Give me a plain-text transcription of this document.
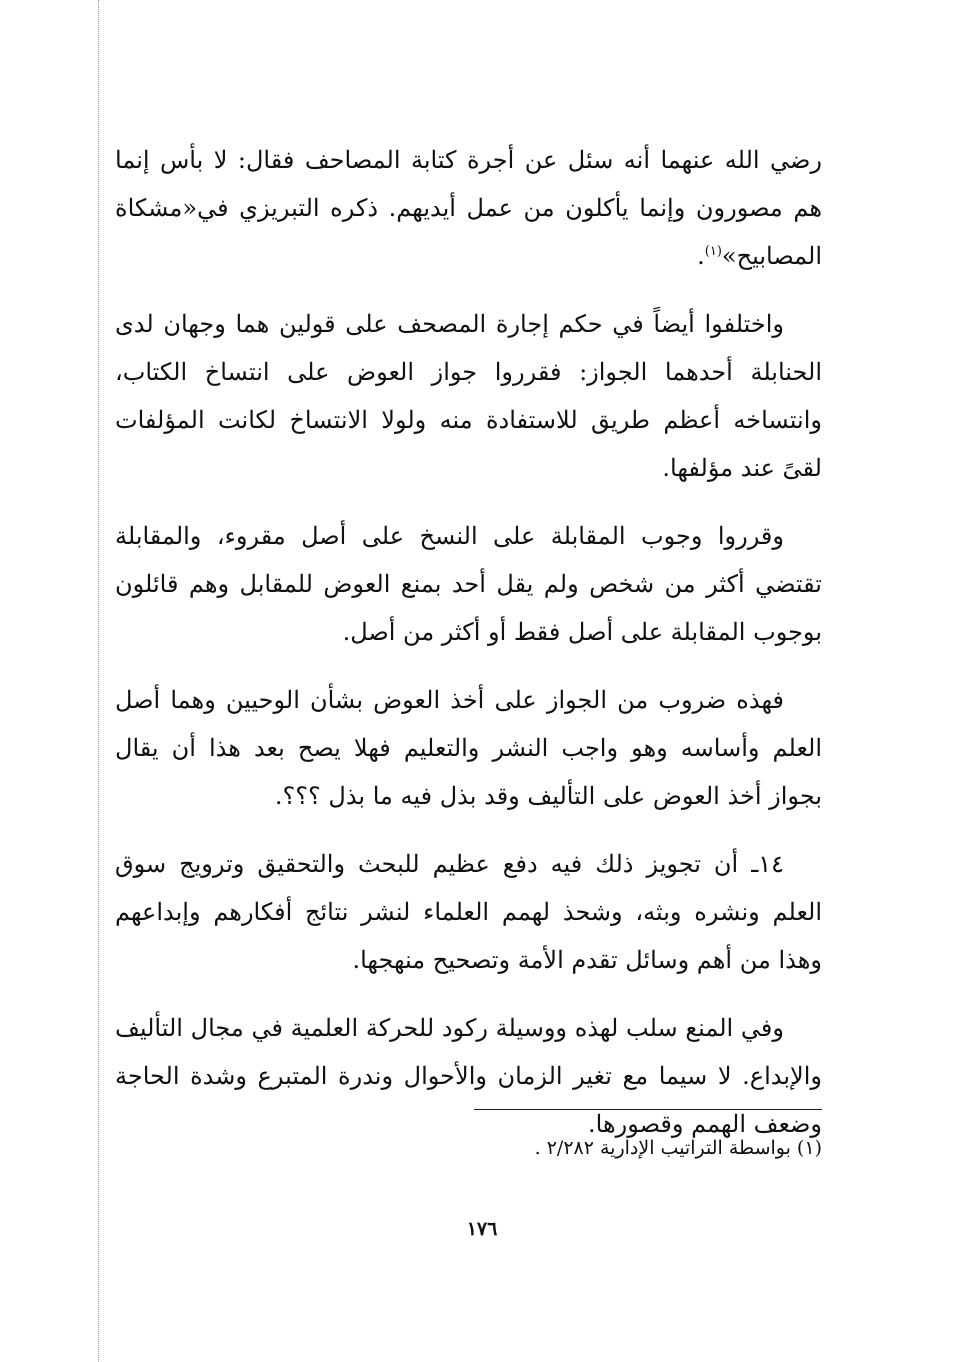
رضي الله عنهما أنه سئل عن أجرة كتابة المصاحف فقال: لا بأس إنما هم مصورون وإنما يأكلون من عمل أيديهم. ذكره التبريزي في«مشكاة المصابيح»$^{(١)}$.

واختلفوا أيضاً في حكم إجارة المصحف على قولين هما وجهان لدى الحنابلة أحدهما الجواز: فقرروا جواز العوض على انتساخ الكتاب، وانتساخه أعظم طريق للاستفادة منه ولولا الانتساخ لكانت المؤلفات لقىً عند مؤلفها.

وقرروا وجوب المقابلة على النسخ على أصل مقروء، والمقابلة تقتضي أكثر من شخص ولم يقل أحد بمنع العوض للمقابل وهم قائلون بوجوب المقابلة على أصل فقط أو أكثر من أصل.

فهذه ضروب من الجواز على أخذ العوض بشأن الوحيين وهما أصل العلم وأساسه وهو واجب النشر والتعليم فهلا يصح بعد هذا أن يقال بجواز أخذ العوض على التأليف وقد بذل فيه ما بذل ؟؟؟.

١٤ـ أن تجويز ذلك فيه دفع عظيم للبحث والتحقيق وترويج سوق العلم ونشره وبثه، وشحذ لهمم العلماء لنشر نتائج أفكارهم وإبداعهم وهذا من أهم وسائل تقدم الأمة وتصحيح منهجها.

وفي المنع سلب لهذه ووسيلة ركود للحركة العلمية في مجال التأليف والإبداع. لا سيما مع تغير الزمان والأحوال وندرة المتبرع وشدة الحاجة وضعف الهمم وقصورها.

(١) بواسطة التراتيب الإدارية ٢/٢٨٢ .
١٧٦
